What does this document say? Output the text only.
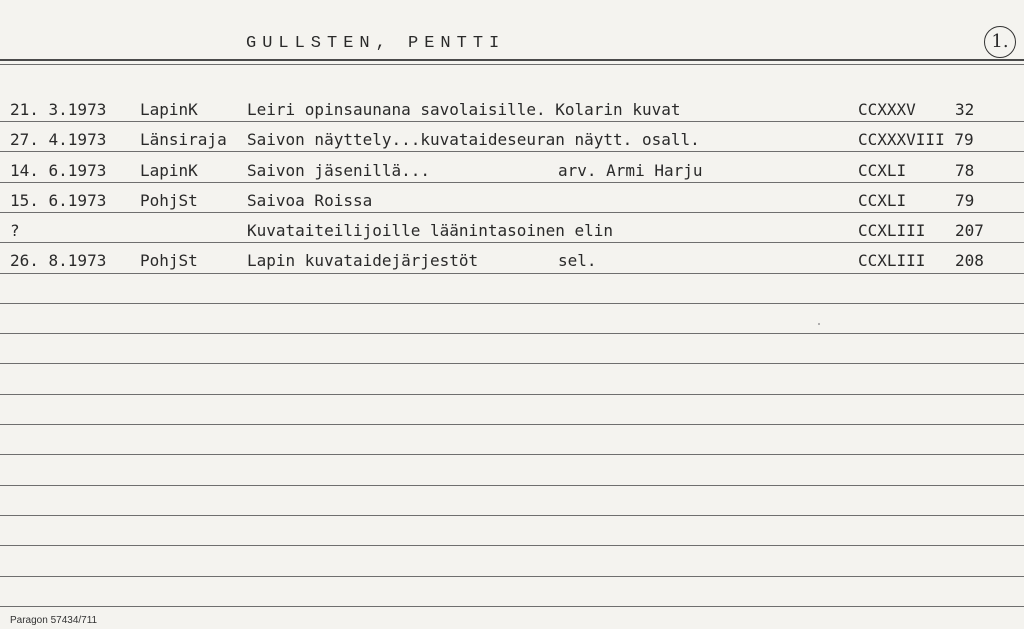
GULLSTEN, PENTTI	1.
21. 3.1973 LapinK	Leiri opinsaunana savolaisille. Kolarin kuvat	CCXXXV 32
27. 4.1973 Länsiraja Saivon näyttely...kuvataideseuran näytt. osall.	CCXXXVIII 79
14. 6.1973 LapinK	Saivon jäsenillä...	arv. Armi Harju	CCXLI	78
15. 6.1973 PohjSt	Saivoa Roissa	CCXLI	79
?	Kuvataiteilijoille läänintasoinen elin	CCXLIII 207
26. 8.1973 PohjSt	Lapin kuvataidejärjestöt	sel.	CCXLIII 208
Paragon 57434/711
